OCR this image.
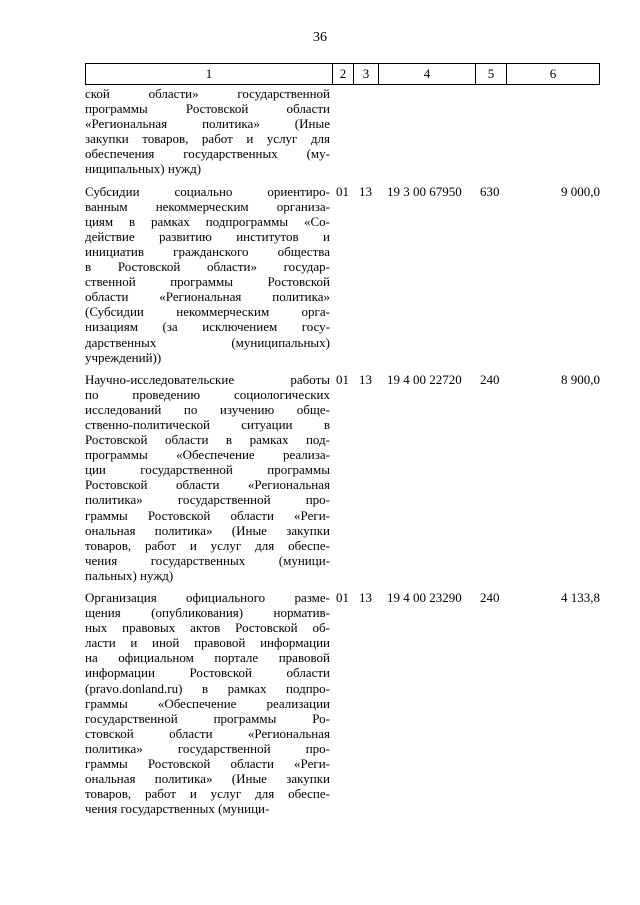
36
1	2	3	4	5	6
ской области» государственной
программы Ростовской области
«Региональная политика» (Иные
закупки товаров, работ и услуг для
обеспечения государственных (му-
ниципальных) нужд)
Субсидии социально ориентиро-
ванным некоммерческим организа-
циям в рамках подпрограммы «Со-
действие развитию институтов и
инициатив гражданского общества
в Ростовской области» государ-
ственной программы Ростовской
области «Региональная политика»
(Субсидии некоммерческим орга-
низациям (за исключением госу-
дарственных (муниципальных)
учреждений))
01 13	19 3 00 67950	630	9 000,0
Научно-исследовательские работы
по проведению социологических
исследований по изучению обще-
ственно-политической ситуации в
Ростовской области в рамках под-
программы «Обеспечение реализа-
ции государственной программы
Ростовской области «Региональная
политика» государственной про-
граммы Ростовской области «Реги-
ональная политика» (Иные закупки
товаров, работ и услуг для обеспе-
чения государственных (муници-
пальных) нужд)
01 13	19 4 00 22720	240	8 900,0
Организация официального разме-
щения (опубликования) норматив-
ных правовых актов Ростовской об-
ласти и иной правовой информации
на официальном портале правовой
информации Ростовской области
(pravo.donland.ru) в рамках подпро-
граммы «Обеспечение реализации
государственной программы Ро-
стовской области «Региональная
политика» государственной про-
граммы Ростовской области «Реги-
ональная политика» (Иные закупки
товаров, работ и услуг для обеспе-
чения государственных (муници-
01 13	19 4 00 23290	240	4 133,8
